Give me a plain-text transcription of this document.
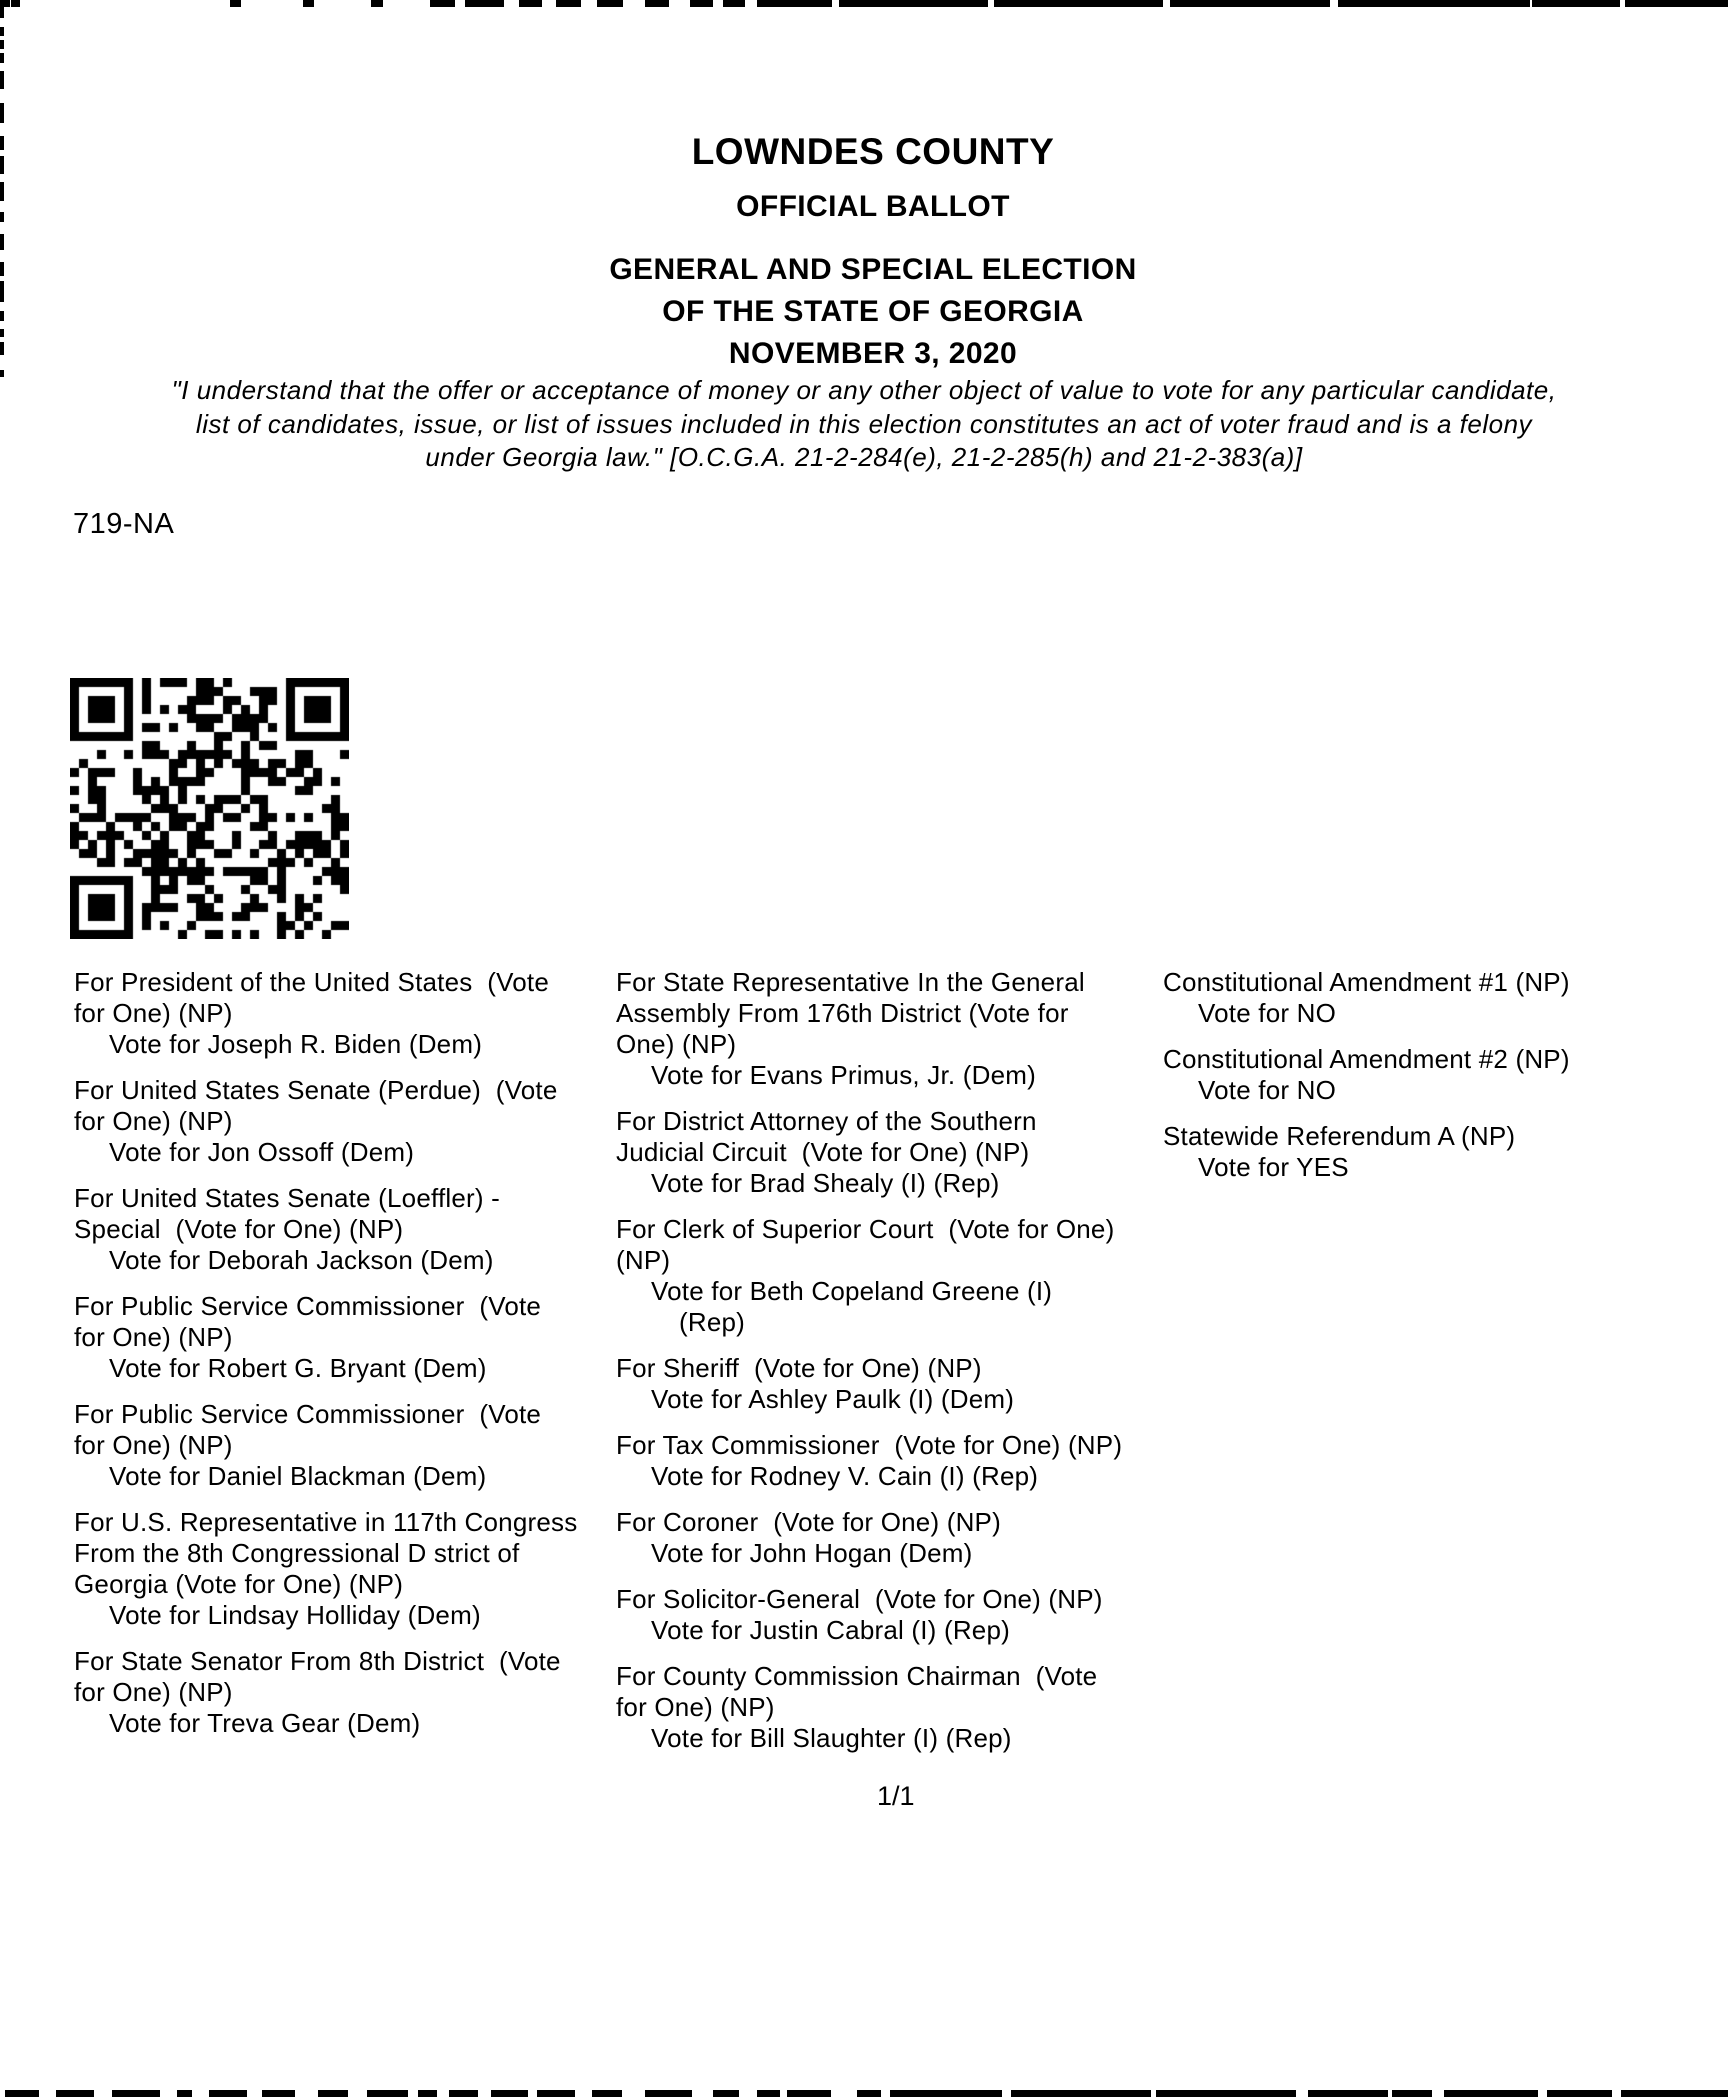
LOWNDES COUNTY
OFFICIAL BALLOT
GENERAL AND SPECIAL ELECTION
OF THE STATE OF GEORGIA
NOVEMBER 3, 2020
"I understand that the offer or acceptance of money or any other object of value to vote for any particular candidate,
list of candidates, issue, or list of issues included in this election constitutes an act of voter fraud and is a felony
under Georgia law." [O.C.G.A. 21-2-284(e), 21-2-285(h) and 21-2-383(a)]
719-NA
For President of the United States  (Vote
for One) (NP)
Vote for Joseph R. Biden (Dem)
For United States Senate (Perdue)  (Vote
for One) (NP)
Vote for Jon Ossoff (Dem)
For United States Senate (Loeffler) -
Special  (Vote for One) (NP)
Vote for Deborah Jackson (Dem)
For Public Service Commissioner  (Vote
for One) (NP)
Vote for Robert G. Bryant (Dem)
For Public Service Commissioner  (Vote
for One) (NP)
Vote for Daniel Blackman (Dem)
For U.S. Representative in 117th Congress
From the 8th Congressional D strict of
Georgia (Vote for One) (NP)
Vote for Lindsay Holliday (Dem)
For State Senator From 8th District  (Vote
for One) (NP)
Vote for Treva Gear (Dem)
For State Representative In the General
Assembly From 176th District (Vote for
One) (NP)
Vote for Evans Primus, Jr. (Dem)
For District Attorney of the Southern
Judicial Circuit  (Vote for One) (NP)
Vote for Brad Shealy (I) (Rep)
For Clerk of Superior Court  (Vote for One)
(NP)
Vote for Beth Copeland Greene (I)
(Rep)
For Sheriff  (Vote for One) (NP)
Vote for Ashley Paulk (I) (Dem)
For Tax Commissioner  (Vote for One) (NP)
Vote for Rodney V. Cain (I) (Rep)
For Coroner  (Vote for One) (NP)
Vote for John Hogan (Dem)
For Solicitor-General  (Vote for One) (NP)
Vote for Justin Cabral (I) (Rep)
For County Commission Chairman  (Vote
for One) (NP)
Vote for Bill Slaughter (I) (Rep)
Constitutional Amendment #1 (NP)
Vote for NO
Constitutional Amendment #2 (NP)
Vote for NO
Statewide Referendum A (NP)
Vote for YES
1/1
